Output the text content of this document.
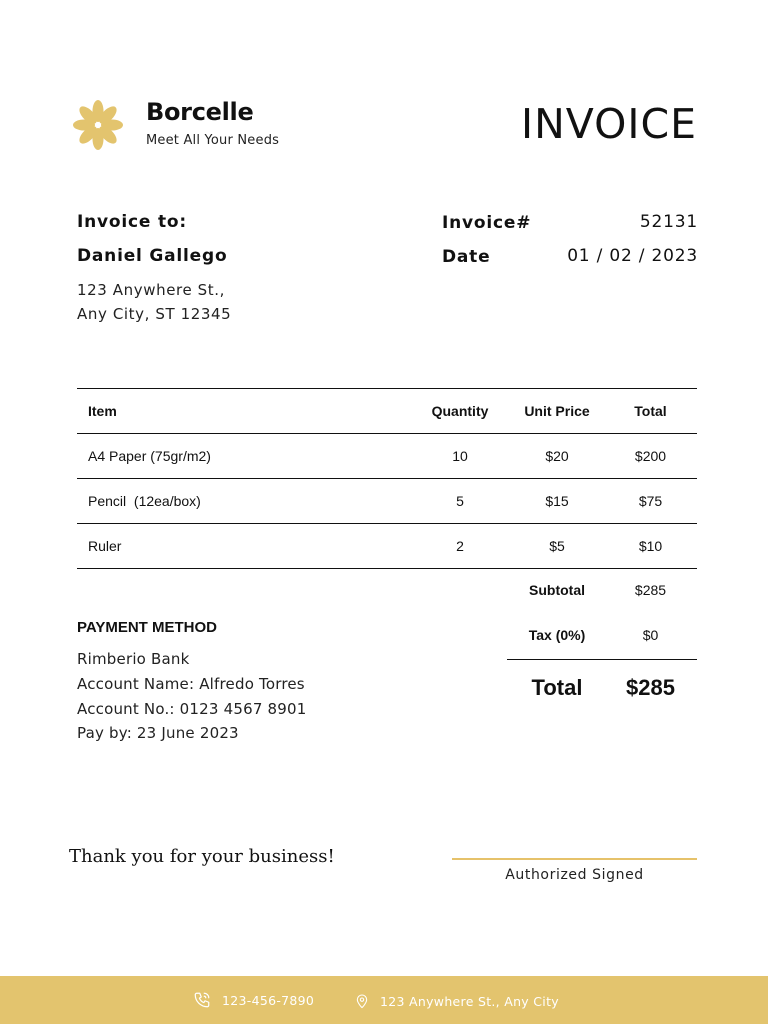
Borcelle
Meet All Your Needs	INVOICE
Invoice to:
Daniel Gallego
123 Anywhere St.,
Any City, ST 12345
Invoice#	52131
Date	01 / 02 / 2023
Item	Quantity	Unit Price	Total
A4 Paper (75gr/m2)	10	$20	$200
Pencil  (12ea/box)	5	$15	$75
Ruler	2	$5	$10
Subtotal	$285
Tax (0%)	$0
Total	$285
PAYMENT METHOD
Rimberio Bank
Account Name: Alfredo Torres
Account No.: 0123 4567 8901
Pay by: 23 June 2023
Thank you for your business!
Authorized Signed
123-456-7890	123 Anywhere St., Any City
